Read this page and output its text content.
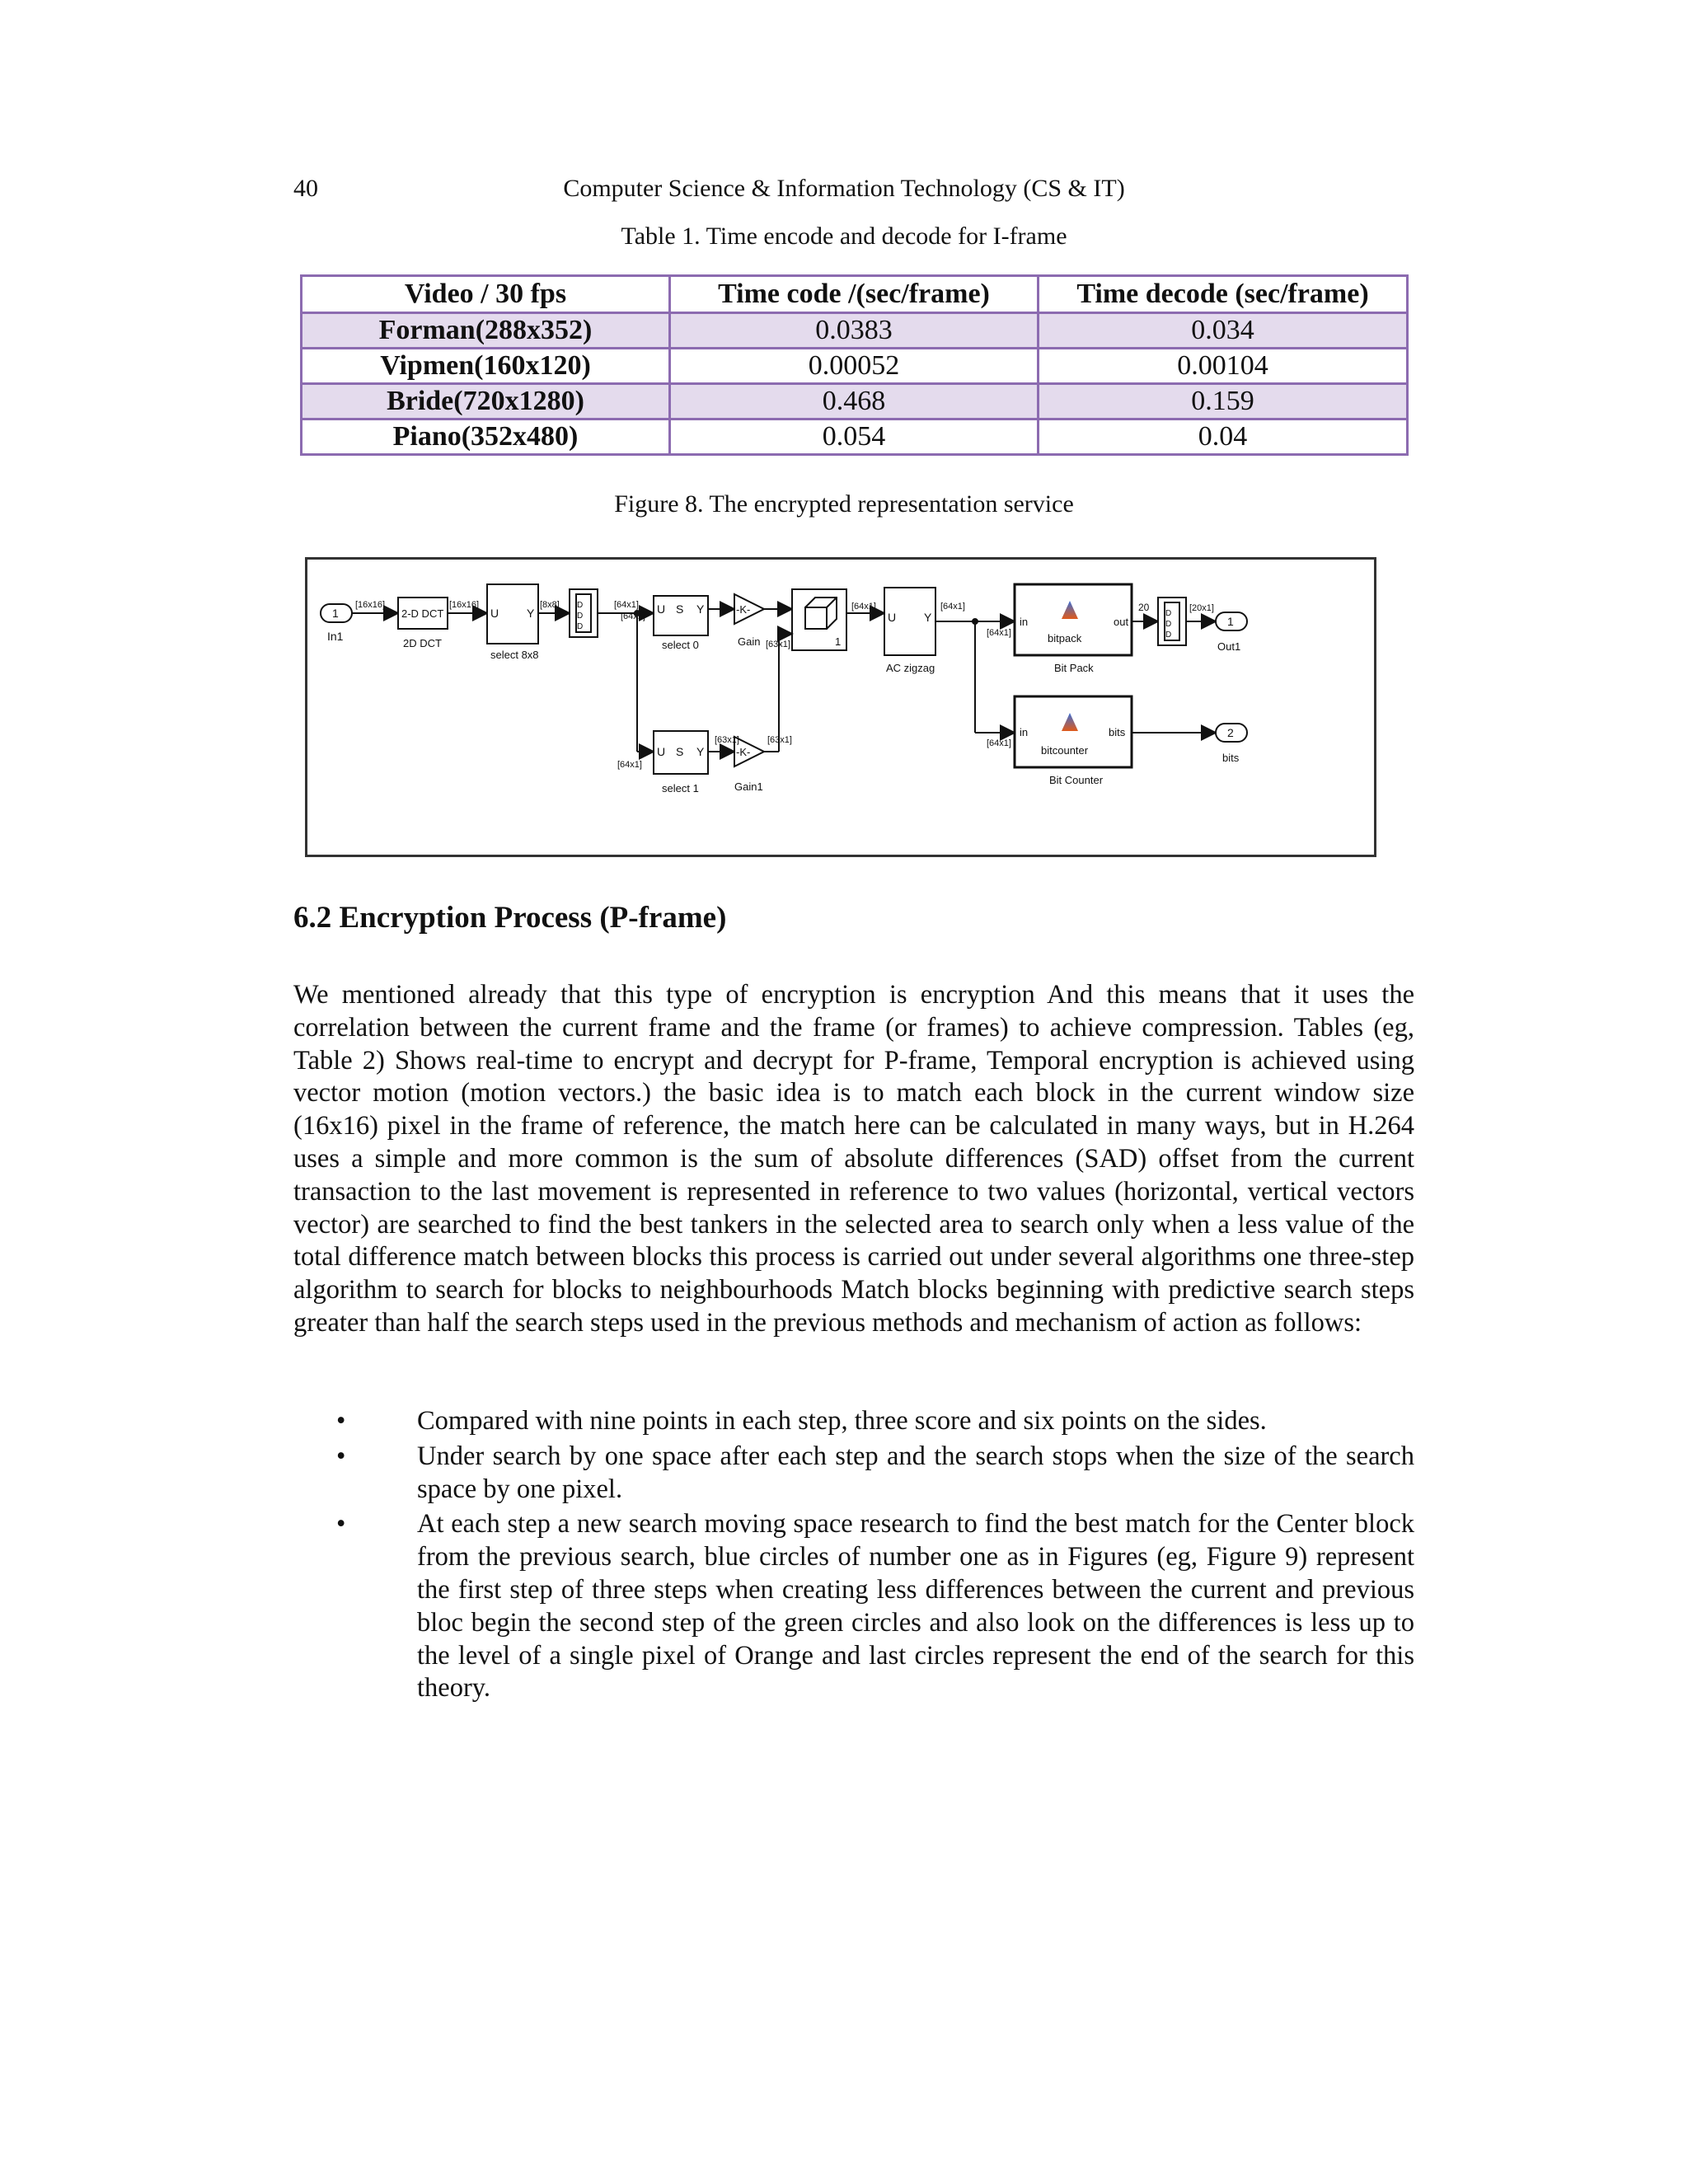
40	Computer Science & Information Technology (CS & IT)
Table 1. Time encode and decode for I-frame
Video / 30 fps	Time code /(sec/frame)	Time decode (sec/frame)
Forman(288x352)	0.0383	0.034
Vipmen(160x120)	0.00052	0.00104
Bride(720x1280)	0.468	0.159
Piano(352x480)	0.054	0.04
Figure 8. The encrypted representation service
1
In1
2-D DCT
2D DCT
U Y
select 8x8
D
D
D
U S Y
select 0
-K-
Gain	1
U Y
AC zigzag
in	out
bitpack
Bit Pack
20
D
D
D
1
Out1
U S Y
select 1
-K-
Gain1
in	bits
bitcounter
Bit Counter
2
bits
[16x16]	[16x16]	[8x8]	[64x1]
[64x1]
[64x1]
[63x1]
[63x1]	[63x1]
[64x1]	[64x1]
[64x1]
[64x1]
[20x1]
6.2 Encryption Process (P-frame)
We mentioned already that this type of encryption is encryption And this means that it uses the correlation between the current frame and the frame (or frames) to achieve compression. Tables (eg, Table 2) Shows real-time to encrypt and decrypt for P-frame, Temporal encryption is achieved using vector motion (motion vectors.) the basic idea is to match each block in the current window size (16x16) pixel in the frame of reference, the match here can be calculated in many ways, but in H.264 uses a simple and more common is the sum of absolute differences (SAD) offset from the current transaction to the last movement is represented in reference to two values (horizontal, vertical vectors vector) are searched to find the best tankers in the selected area to search only when a less value of the total difference match between blocks this process is carried out under several algorithms one three-step algorithm to search for blocks to neighbourhoods Match blocks beginning with predictive search steps greater than half the search steps used in the previous methods and mechanism of action as follows:
•	Compared with nine points in each step, three score and six points on the sides.
•	Under search by one space after each step and the search stops when the size of the search space by one pixel.
•	At each step a new search moving space research to find the best match for the Center block from the previous search, blue circles of number one as in Figures (eg, Figure 9) represent the first step of three steps when creating less differences between the current and previous bloc begin the second step of the green circles and also look on the differences is less up to the level of a single pixel of Orange and last circles represent the end of the search for this theory.
